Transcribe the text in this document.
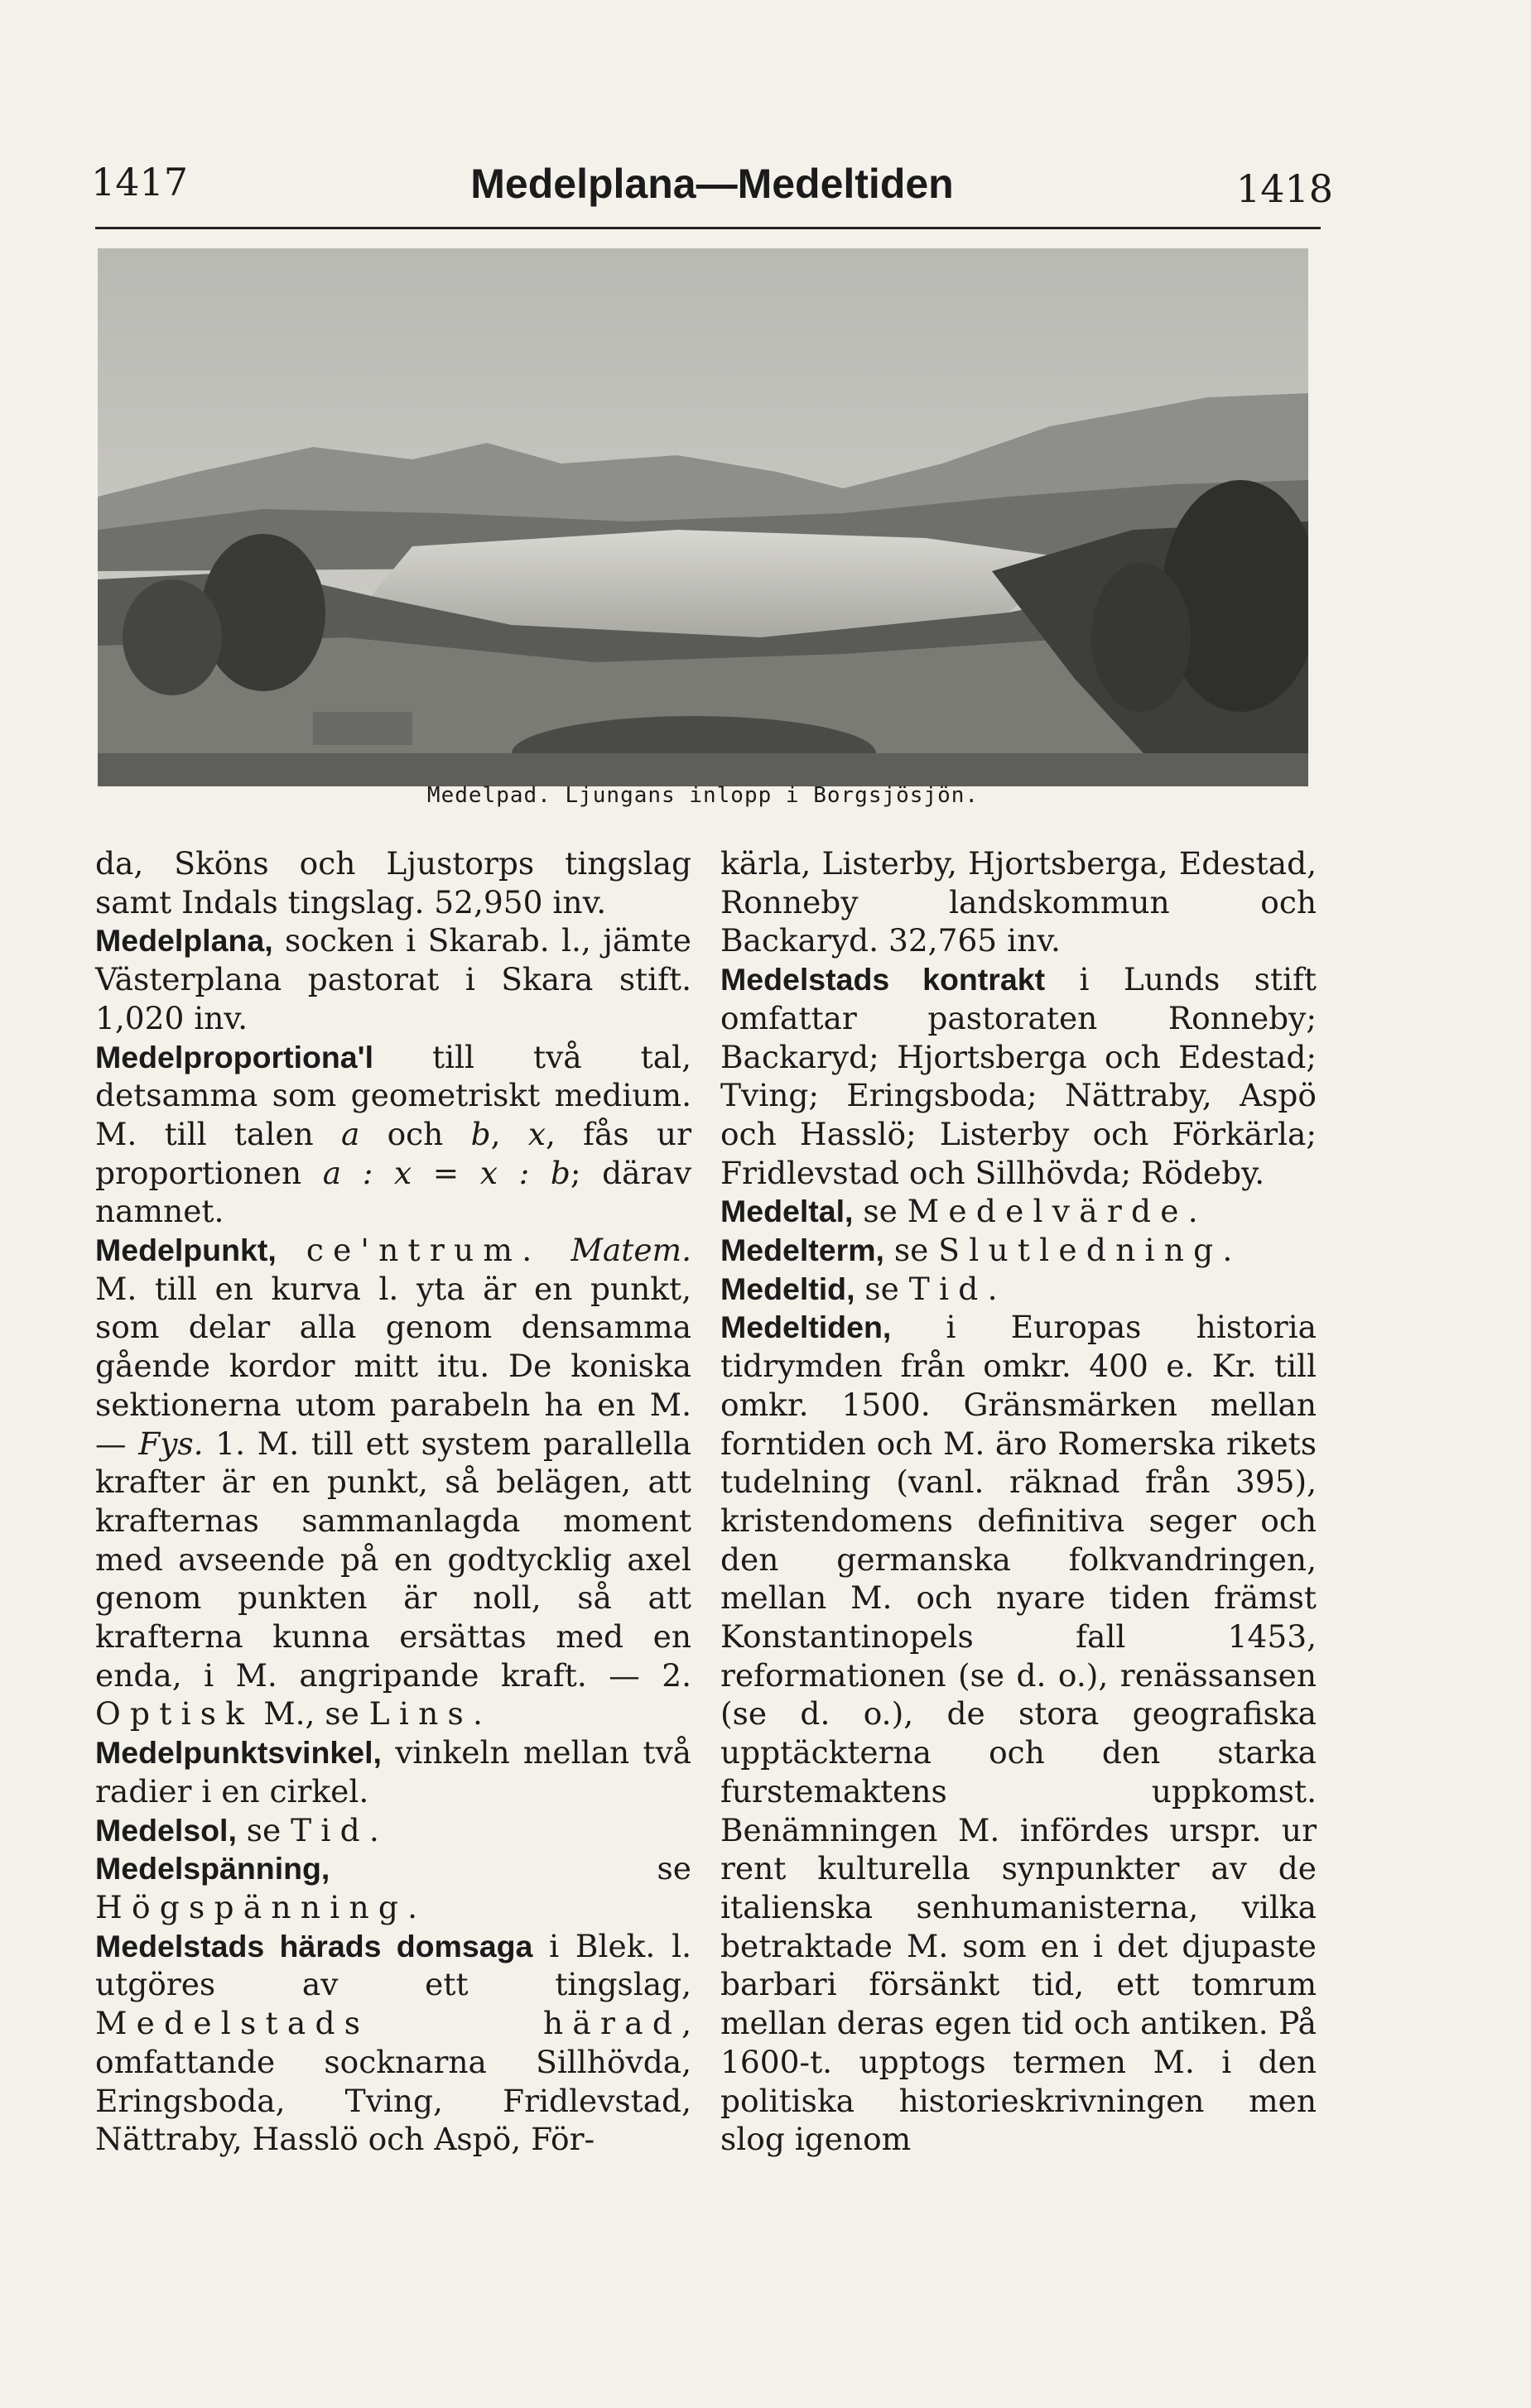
1417	Medelplana—Medeltiden	1418
Medelpad. Ljungans inlopp i Borgsjösjön.

da, Sköns och Ljustorps tingslag samt Indals tingslag. 52,950 inv.

Medelplana, socken i Skarab. l., jämte Västerplana pastorat i Skara stift. 1,020 inv.

Medelproportiona'l till två tal, detsamma som geometriskt medium. M. till talen a och b, x, fås ur proportionen a : x = x : b; därav namnet.

Medelpunkt, ce'ntrum. Matem. M. till en kurva l. yta är en punkt, som delar alla genom densamma gående kordor mitt itu. De koniska sektionerna utom parabeln ha en M. — Fys. 1. M. till ett system parallella krafter är en punkt, så belägen, att krafternas sammanlagda moment med avseende på en godtycklig axel genom punkten är noll, så att krafterna kunna ersättas med en enda, i M. angripande kraft. — 2. Optisk M., se Lins.

Medelpunktsvinkel, vinkeln mellan två radier i en cirkel.

Medelsol, se Tid.

Medelspänning, se Högspänning.

Medelstads härads domsaga i Blek. l. utgöres av ett tingslag, Medelstads härad, omfattande socknarna Sillhövda, Eringsboda, Tving, Fridlevstad, Nättraby, Hasslö och Aspö, För-

kärla, Listerby, Hjortsberga, Edestad, Ronneby landskommun och Backaryd. 32,765 inv.

Medelstads kontrakt i Lunds stift omfattar pastoraten Ronneby; Backaryd; Hjortsberga och Edestad; Tving; Eringsboda; Nättraby, Aspö och Hasslö; Listerby och Förkärla; Fridlevstad och Sillhövda; Rödeby.

Medeltal, se Medelvärde.

Medelterm, se Slutledning.

Medeltid, se Tid.

Medeltiden, i Europas historia tidrymden från omkr. 400 e. Kr. till omkr. 1500. Gränsmärken mellan forntiden och M. äro Romerska rikets tudelning (vanl. räknad från 395), kristendomens definitiva seger och den germanska folkvandringen, mellan M. och nyare tiden främst Konstantinopels fall 1453, reformationen (se d. o.), renässansen (se d. o.), de stora geografiska upptäckterna och den starka furstemaktens uppkomst. Benämningen M. infördes urspr. ur rent kulturella synpunkter av de italienska senhumanisterna, vilka betraktade M. som en i det djupaste barbari försänkt tid, ett tomrum mellan deras egen tid och antiken. På 1600-t. upptogs termen M. i den politiska historieskrivningen men slog igenom
